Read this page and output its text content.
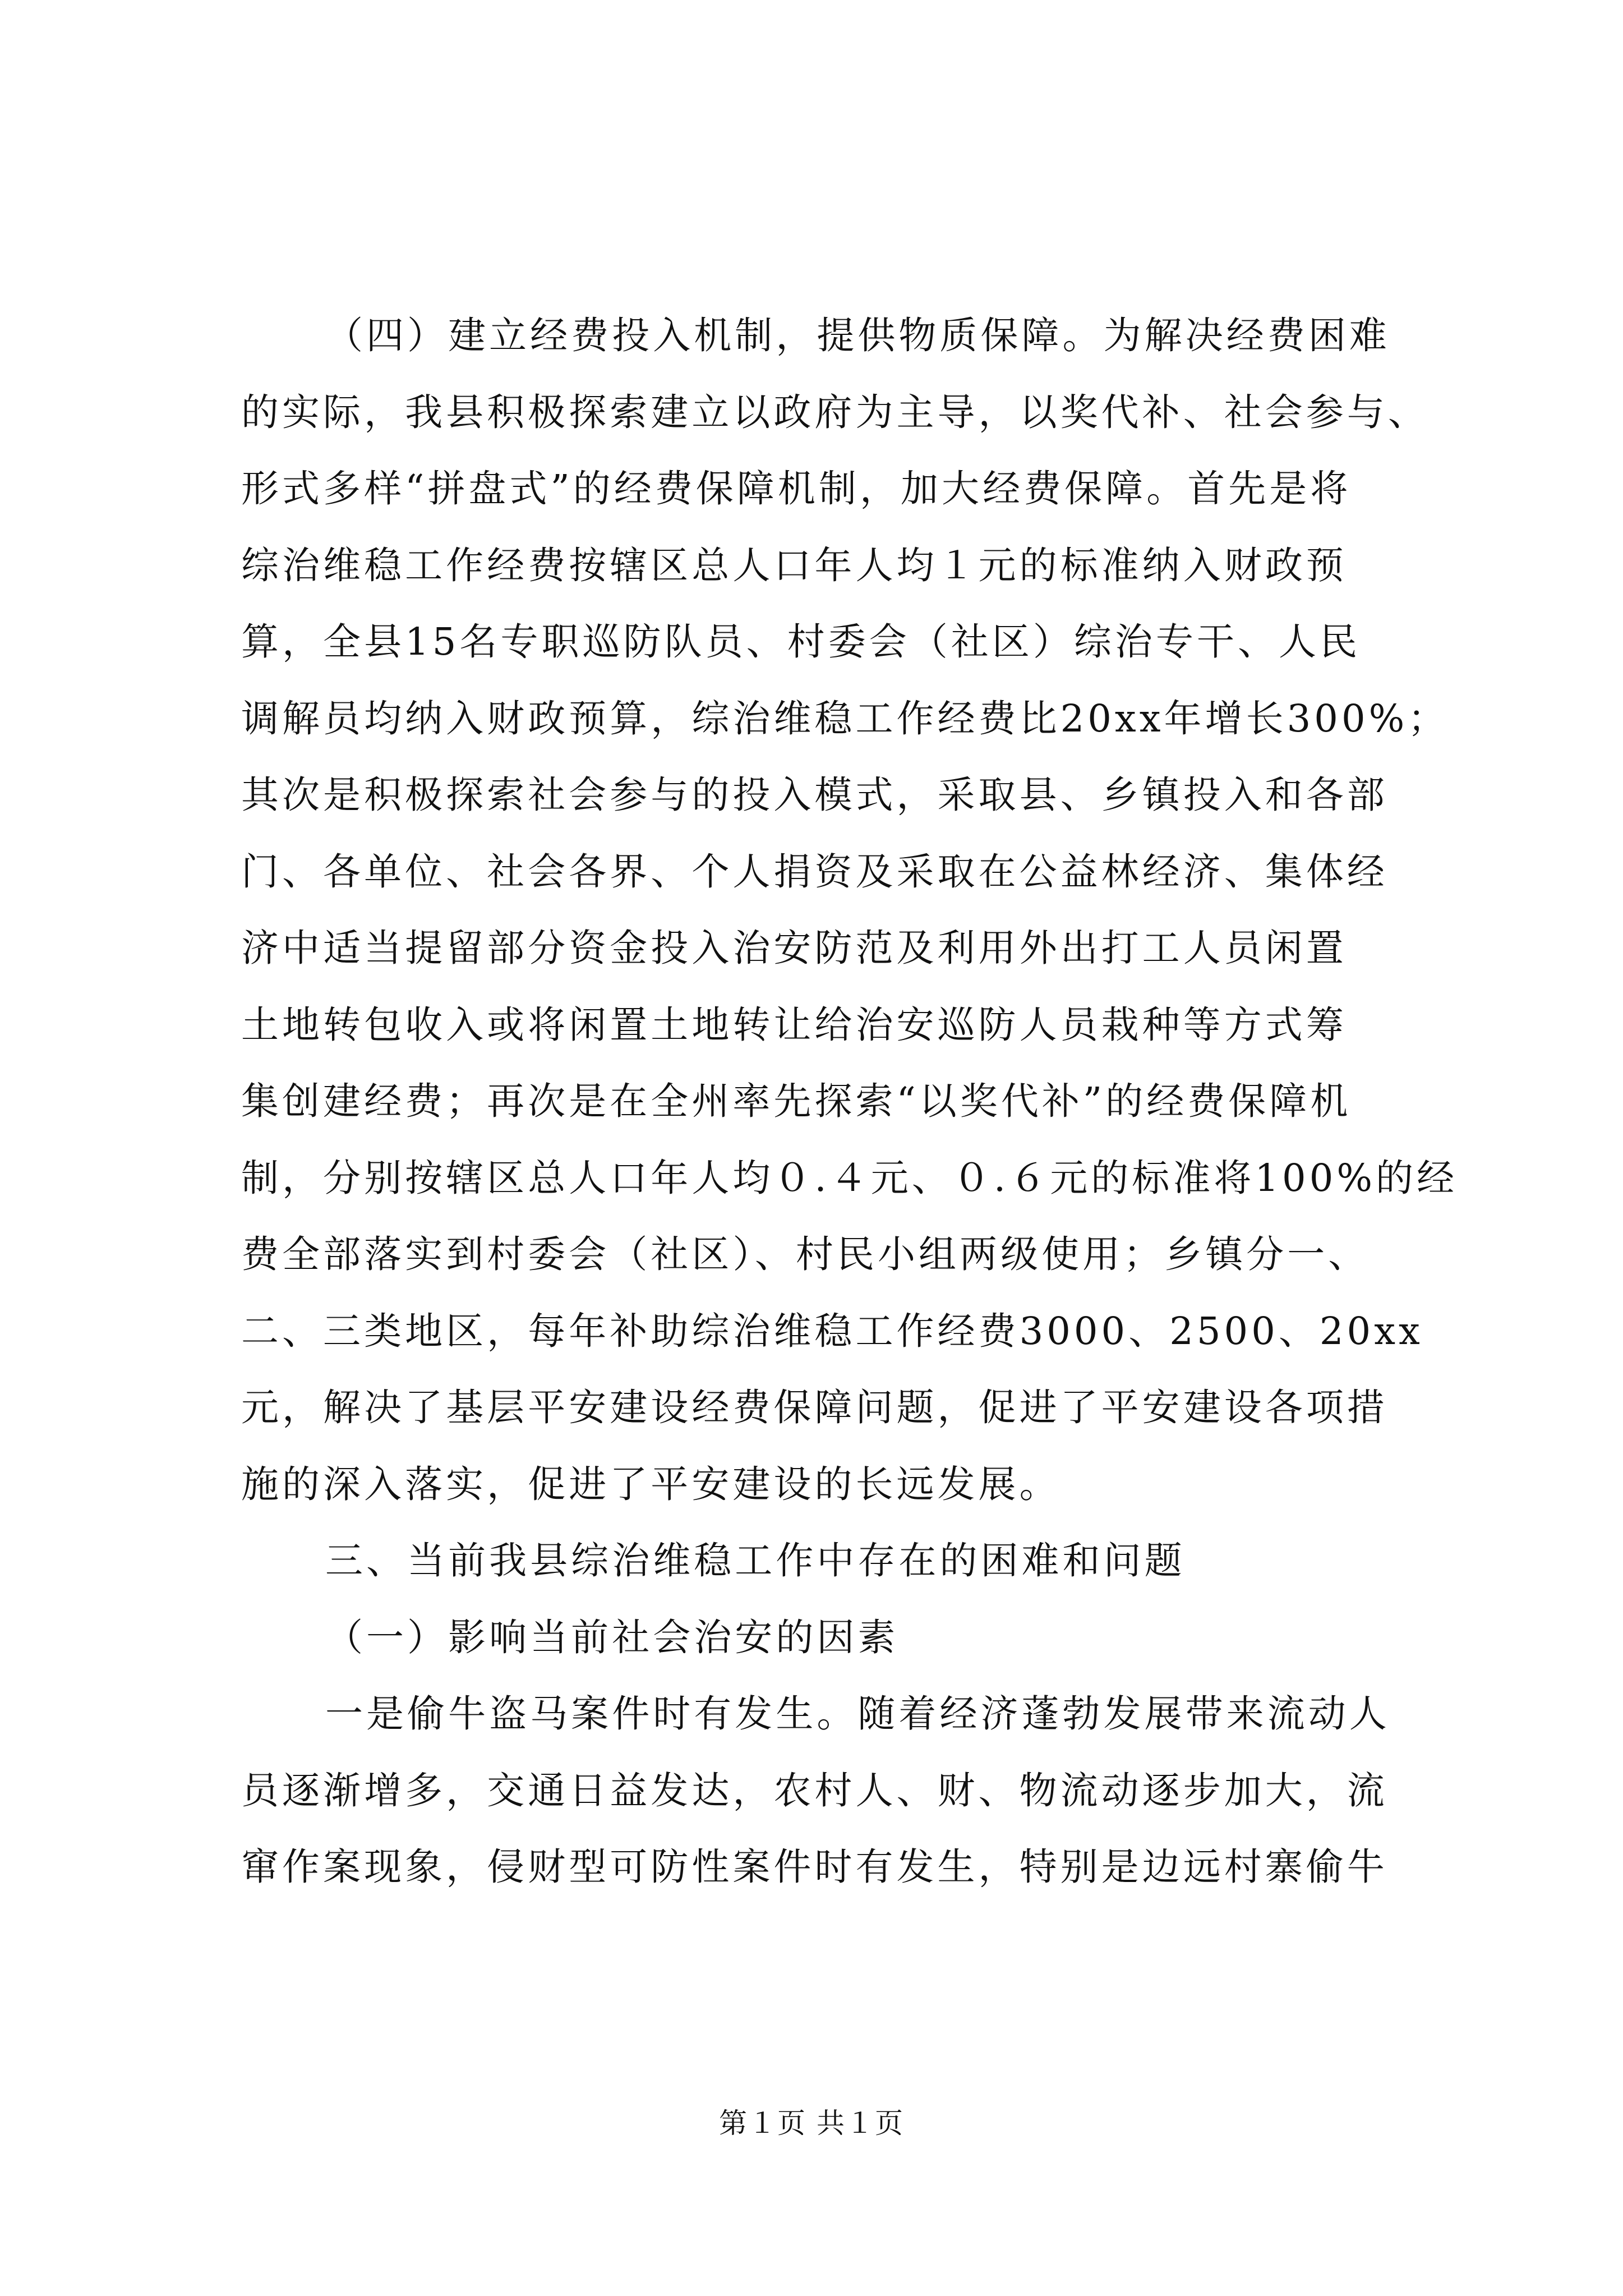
（四）建立经费投入机制，提供物质保障。为解决经费困难
的实际，我县积极探索建立以政府为主导，以奖代补、社会参与、
形式多样“拼盘式”的经费保障机制，加大经费保障。首先是将
综治维稳工作经费按辖区总人口年人均１元的标准纳入财政预
算，全县15名专职巡防队员、村委会（社区）综治专干、人民
调解员均纳入财政预算，综治维稳工作经费比20xx年增长300%；
其次是积极探索社会参与的投入模式，采取县、乡镇投入和各部
门、各单位、社会各界、个人捐资及采取在公益林经济、集体经
济中适当提留部分资金投入治安防范及利用外出打工人员闲置
土地转包收入或将闲置土地转让给治安巡防人员栽种等方式筹
集创建经费；再次是在全州率先探索“以奖代补”的经费保障机
制，分别按辖区总人口年人均０.４元、０.６元的标准将100%的经
费全部落实到村委会（社区）、村民小组两级使用；乡镇分一、
二、三类地区，每年补助综治维稳工作经费3000、2500、20xx
元，解决了基层平安建设经费保障问题，促进了平安建设各项措
施的深入落实，促进了平安建设的长远发展。
三、当前我县综治维稳工作中存在的困难和问题
（一）影响当前社会治安的因素
一是偷牛盗马案件时有发生。随着经济蓬勃发展带来流动人
员逐渐增多，交通日益发达，农村人、财、物流动逐步加大，流
窜作案现象，侵财型可防性案件时有发生，特别是边远村寨偷牛
第１页 共１页
